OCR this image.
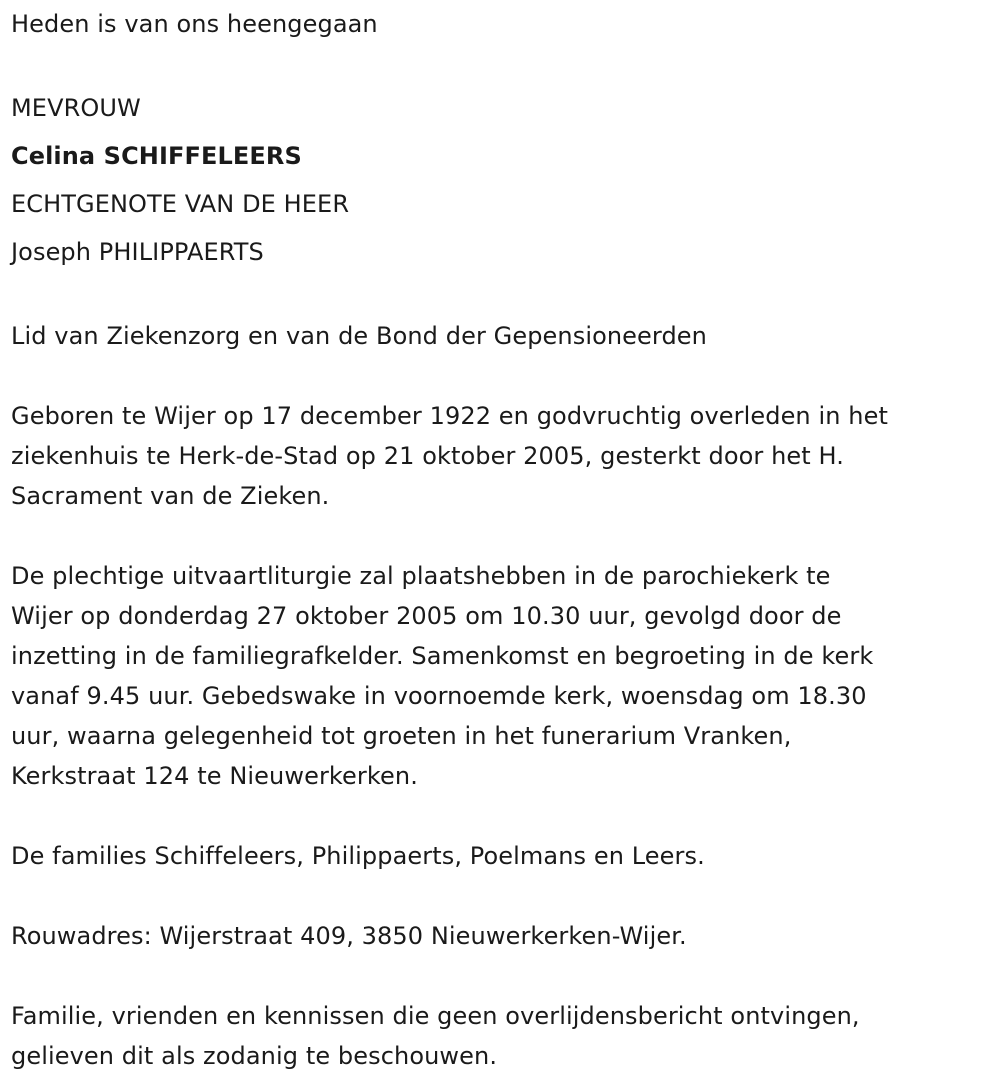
Heden is van ons heengegaan
MEVROUW
Celina SCHIFFELEERS
ECHTGENOTE VAN DE HEER
Joseph PHILIPPAERTS
Lid van Ziekenzorg en van de Bond der Gepensioneerden
Geboren te Wijer op 17 december 1922 en godvruchtig overleden in het
ziekenhuis te Herk-de-Stad op 21 oktober 2005, gesterkt door het H.
Sacrament van de Zieken.
De plechtige uitvaartliturgie zal plaatshebben in de parochiekerk te
Wijer op donderdag 27 oktober 2005 om 10.30 uur, gevolgd door de
inzetting in de familiegrafkelder. Samenkomst en begroeting in de kerk
vanaf 9.45 uur. Gebedswake in voornoemde kerk, woensdag om 18.30
uur, waarna gelegenheid tot groeten in het funerarium Vranken,
Kerkstraat 124 te Nieuwerkerken.
De families Schiffeleers, Philippaerts, Poelmans en Leers.
Rouwadres: Wijerstraat 409, 3850 Nieuwerkerken-Wijer.
Familie, vrienden en kennissen die geen overlijdensbericht ontvingen,
gelieven dit als zodanig te beschouwen.
